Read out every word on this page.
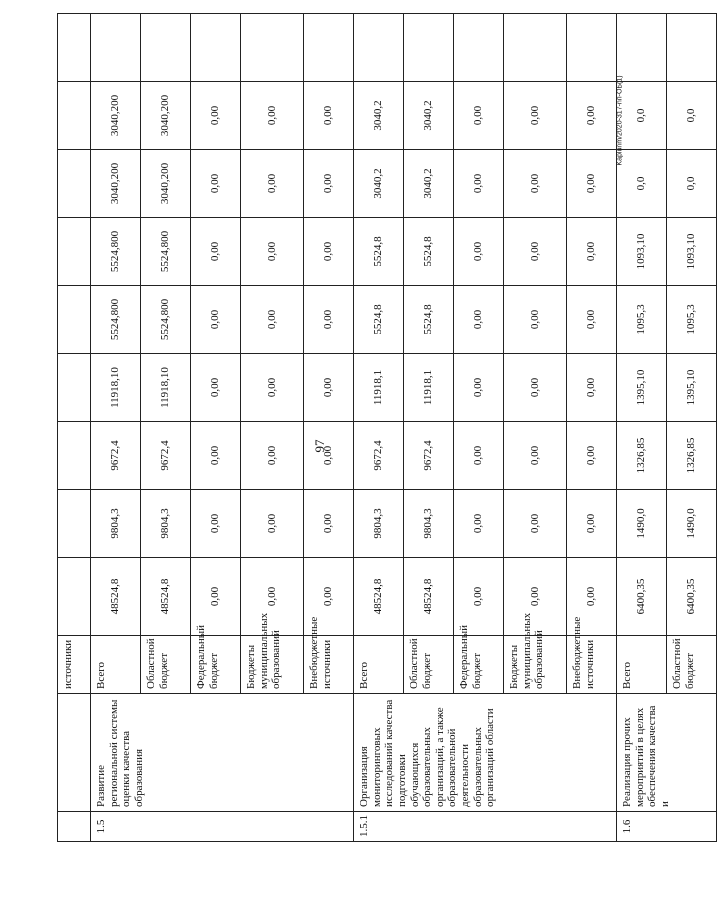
97
Kaplunm/2020-317-nп-OБ(1)
		источники									
1.5	Развитие региональной системы оценки качества образования	Всего	48524,8	9804,3	9672,4	11918,10	5524,800	5524,800	3040,200	3040,200	
		Областной бюджет	48524,8	9804,3	9672,4	11918,10	5524,800	5524,800	3040,200	3040,200	
		Федеральный бюджет	0,00	0,00	0,00	0,00	0,00	0,00	0,00	0,00	
		Бюджеты муниципальных образований	0,00	0,00	0,00	0,00	0,00	0,00	0,00	0,00	
		Внебюджетные источники	0,00	0,00	0,00	0,00	0,00	0,00	0,00	0,00	
1.5.1	Организация мониторинговых исследований качества подготовки обучающихся образовательных организаций, а также образовательной деятельности образовательных организаций области	Всего	48524,8	9804,3	9672,4	11918,1	5524,8	5524,8	3040,2	3040,2	
		Областной бюджет	48524,8	9804,3	9672,4	11918,1	5524,8	5524,8	3040,2	3040,2	
		Федеральный бюджет	0,00	0,00	0,00	0,00	0,00	0,00	0,00	0,00	
		Бюджеты муниципальных образований	0,00	0,00	0,00	0,00	0,00	0,00	0,00	0,00	
		Внебюджетные источники	0,00	0,00	0,00	0,00	0,00	0,00	0,00	0,00	
1.6	Реализация прочих мероприятий в целях обеспечения качества и	Всего	6400,35	1490,0	1326,85	1395,10	1095,3	1093,10	0,0	0,0	
		Областной бюджет	6400,35	1490,0	1326,85	1395,10	1095,3	1093,10	0,0	0,0	
